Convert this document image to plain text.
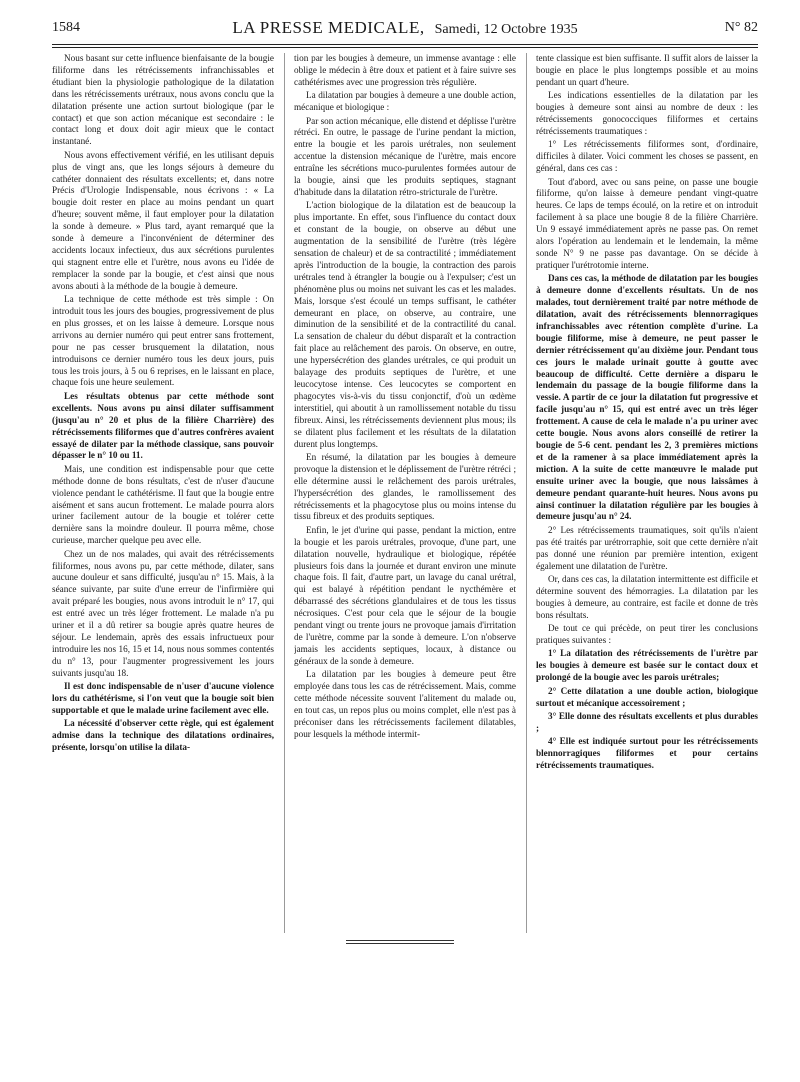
1584	LA PRESSE MEDICALE, Samedi, 12 Octobre 1935	N° 82

Nous basant sur cette influence bienfaisante de la bougie filiforme dans les rétrécissements infranchissables et étudiant bien la physiologie pathologique de la dilatation dans les rétrécissements urétraux, nous avons conclu que la dilatation présente une action surtout biologique (par le contact) et que son action mécanique est secondaire : le contact long et doux doit agir mieux que le contact instantané.

Nous avons effectivement vérifié, en les utilisant depuis plus de vingt ans, que les longs séjours à demeure du cathéter donnaient des résultats excellents; et, dans notre Précis d'Urologie Indispensable, nous écrivons : « La bougie doit rester en place au moins pendant un quart d'heure; souvent même, il faut employer pour la dilatation la sonde à demeure. » Plus tard, ayant remarqué que la sonde à demeure a l'inconvénient de déterminer des accidents locaux infectieux, dus aux sécrétions purulentes qui stagnent entre elle et l'urètre, nous avons eu l'idée de remplacer la sonde par la bougie, et c'est ainsi que nous avons abouti à la méthode de la bougie à demeure.

La technique de cette méthode est très simple : On introduit tous les jours des bougies, progressivement de plus en plus grosses, et on les laisse à demeure. Lorsque nous arrivons au dernier numéro qui peut entrer sans frottement, pour ne pas cesser brusquement la dilatation, nous introduisons ce dernier numéro tous les deux jours, puis tous les trois jours, à 5 ou 6 reprises, en le laissant en place, chaque fois une heure seulement.

Les résultats obtenus par cette méthode sont excellents. Nous avons pu ainsi dilater suffisamment (jusqu'au n° 20 et plus de la filière Charrière) des rétrécissements filiformes que d'autres confrères avaient essayé de dilater par la méthode classique, sans pouvoir dépasser le n° 10 ou 11.

Mais, une condition est indispensable pour que cette méthode donne de bons résultats, c'est de n'user d'aucune violence pendant le cathétérisme. Il faut que la bougie entre aisément et sans aucun frottement. Le malade pourra alors uriner facilement autour de la bougie et tolérer cette dernière sans la moindre douleur. Il pourra même, chose curieuse, marcher quelque peu avec elle.

Chez un de nos malades, qui avait des rétrécissements filiformes, nous avons pu, par cette méthode, dilater, sans aucune douleur et sans difficulté, jusqu'au n° 15. Mais, à la séance suivante, par suite d'une erreur de l'infirmière qui avait préparé les bougies, nous avons introduit le n° 17, qui est entré avec un très léger frottement. Le malade n'a pu uriner et il a dû retirer sa bougie après quatre heures de séjour. Le lendemain, après des essais infructueux pour introduire les nos 16, 15 et 14, nous nous sommes contentés du n° 13, pour l'augmenter progressivement les jours suivants jusqu'au 18.

Il est donc indispensable de n'user d'aucune violence lors du cathétérisme, si l'on veut que la bougie soit bien supportable et que le malade urine facilement avec elle.

La nécessité d'observer cette règle, qui est également admise dans la technique des dilatations ordinaires, présente, lorsqu'on utilise la dilata-

tion par les bougies à demeure, un immense avantage : elle oblige le médecin à être doux et patient et à faire suivre ses cathétérismes avec une progression très régulière.

La dilatation par bougies à demeure a une double action, mécanique et biologique :

Par son action mécanique, elle distend et déplisse l'urètre rétréci. En outre, le passage de l'urine pendant la miction, entre la bougie et les parois urétrales, non seulement accentue la distension mécanique de l'urètre, mais encore entraîne les sécrétions muco-purulentes formées autour de la bougie, ainsi que les produits septiques, stagnant d'habitude dans la dilatation rétro-stricturale de l'urètre.

L'action biologique de la dilatation est de beaucoup la plus importante. En effet, sous l'influence du contact doux et constant de la bougie, on observe au début une augmentation de la sensibilité de l'urètre (très légère sensation de chaleur) et de sa contractilité ; immédiatement après l'introduction de la bougie, la contraction des parois urétrales tend à étrangler la bougie ou à l'expulser; c'est un phénomène plus ou moins net suivant les cas et les malades. Mais, lorsque s'est écoulé un temps suffisant, le cathéter demeurant en place, on observe, au contraire, une diminution de la sensibilité et de la contractilité du canal. La sensation de chaleur du début disparaît et la contraction fait place au relâchement des parois. On observe, en outre, une hypersécrétion des glandes urétrales, ce qui produit un balayage des produits septiques de l'urètre, et une leucocytose intense. Ces leucocytes se comportent en phagocytes vis-à-vis du tissu conjonctif, d'où un œdème interstitiel, qui aboutit à un ramollissement notable du tissu fibreux. Ainsi, les rétrécissements deviennent plus mous; ils se dilatent plus facilement et les résultats de la dilatation durent plus longtemps.

En résumé, la dilatation par les bougies à demeure provoque la distension et le déplissement de l'urètre rétréci ; elle détermine aussi le relâchement des parois urétrales, l'hypersécrétion des glandes, le ramollissement des rétrécissements et la phagocytose plus ou moins intense du tissu fibreux et des produits septiques.

Enfin, le jet d'urine qui passe, pendant la miction, entre la bougie et les parois urétrales, provoque, d'une part, une dilatation nouvelle, hydraulique et biologique, répétée plusieurs fois dans la journée et durant environ une minute chaque fois. Il fait, d'autre part, un lavage du canal urétral, qui est balayé à répétition pendant le nycthémère et débarrassé des sécrétions glandulaires et de tous les tissus nécrosiques. C'est pour cela que le séjour de la bougie pendant vingt ou trente jours ne provoque jamais d'irritation de l'urètre, comme par la sonde à demeure. L'on n'observe jamais les accidents septiques, locaux, à distance ou généraux de la sonde à demeure.

La dilatation par les bougies à demeure peut être employée dans tous les cas de rétrécissement. Mais, comme cette méthode nécessite souvent l'alitement du malade ou, en tout cas, un repos plus ou moins complet, elle n'est pas à préconiser dans les rétrécissements facilement dilatables, pour lesquels la méthode intermit-

tente classique est bien suffisante. Il suffit alors de laisser la bougie en place le plus longtemps possible et au moins pendant un quart d'heure.

Les indications essentielles de la dilatation par les bougies à demeure sont ainsi au nombre de deux : les rétrécissements gonococciques filiformes et certains rétrécissements traumatiques :

1° Les rétrécissements filiformes sont, d'ordinaire, difficiles à dilater. Voici comment les choses se passent, en général, dans ces cas :

Tout d'abord, avec ou sans peine, on passe une bougie filiforme, qu'on laisse à demeure pendant vingt-quatre heures. Ce laps de temps écoulé, on la retire et on introduit facilement à sa place une bougie 8 de la filière Charrière. Un 9 essayé immédiatement après ne passe pas. On remet alors l'opération au lendemain et le lendemain, la même sonde N° 9 ne passe pas davantage. On se décide à pratiquer l'urétrotomie interne.

Dans ces cas, la méthode de dilatation par les bougies à demeure donne d'excellents résultats. Un de nos malades, tout dernièrement traité par notre méthode de dilatation, avait des rétrécissements blennorragiques infranchissables avec rétention complète d'urine. La bougie filiforme, mise à demeure, ne peut passer le dernier rétrécissement qu'au dixième jour. Pendant tous ces jours le malade urinait goutte à goutte avec beaucoup de difficulté. Cette dernière a disparu le lendemain du passage de la bougie filiforme dans la vessie. A partir de ce jour la dilatation fut progressive et facile jusqu'au n° 15, qui est entré avec un très léger frottement. A cause de cela le malade n'a pu uriner avec cette bougie. Nous avons alors conseillé de retirer la bougie de 5-6 cent. pendant les 2, 3 premières mictions et de la ramener à sa place immédiatement après la miction. A la suite de cette manœuvre le malade put ensuite uriner avec la bougie, que nous laissâmes à demeure pendant quarante-huit heures. Nous avons pu ainsi continuer la dilatation régulière par les bougies à demeure jusqu'au n° 24.

2° Les rétrécissements traumatiques, soit qu'ils n'aient pas été traités par urétrorraphie, soit que cette dernière n'ait pas donné une réunion par première intention, exigent également une dilatation de l'urètre.

Or, dans ces cas, la dilatation intermittente est difficile et détermine souvent des hémorragies. La dilatation par les bougies à demeure, au contraire, est facile et donne de très bons résultats.

De tout ce qui précède, on peut tirer les conclusions pratiques suivantes :

1° La dilatation des rétrécissements de l'urètre par les bougies à demeure est basée sur le contact doux et prolongé de la bougie avec les parois urétrales;

2° Cette dilatation a une double action, biologique surtout et mécanique accessoirement ;

3° Elle donne des résultats excellents et plus durables ;

4° Elle est indiquée surtout pour les rétrécissements blennorragiques filiformes et pour certains rétrécissements traumatiques.
